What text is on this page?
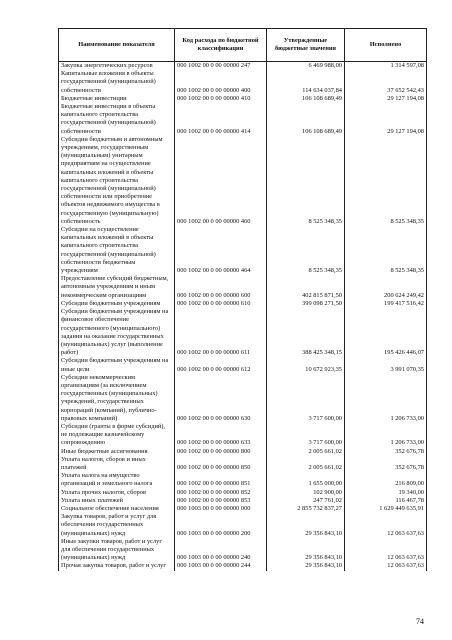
Наименование показателя	Код расхода по бюджетной классификации	Утвержденные бюджетные значения	Исполнено
Закупка энергетических ресурсов	000 1002 00 0 00 00000 247	6 469 988,00	1 314 597,08
Капитальные вложения в объекты государственной (муниципальной) собственности	000 1002 00 0 00 00000 400	114 634 037,84	37 652 542,43
Бюджетные инвестиции	000 1002 00 0 00 00000 410	106 108 689,49	29 127 194,08
Бюджетные инвестиции в объекты капитального строительства государственной (муниципальной) собственности	000 1002 00 0 00 00000 414	106 108 689,49	29 127 194,08
Субсидии бюджетным и автономным учреждениям, государственным (муниципальным) унитарным предприятиям на осуществление капитальных вложений в объекты капитального строительства государственной (муниципальной) собственности или приобретение объектов недвижимого имущества в государственную (муниципальную) собственность	000 1002 00 0 00 00000 460	8 525 348,35	8 525 348,35
Субсидии на осуществление капитальных вложений в объекты капитального строительства государственной (муниципальной) собственности бюджетным учреждениям	000 1002 00 0 00 00000 464	8 525 348,35	8 525 348,35
Предоставление субсидий бюджетным, автономным учреждениям и иным некоммерческим организациям	000 1002 00 0 00 00000 600	402 815 871,50	200 624 249,42
Субсидии бюджетным учреждениям	000 1002 00 0 00 00000 610	399 098 271,50	199 417 516,42
Субсидии бюджетным учреждениям на финансовое обеспечение государственного (муниципального) задания на оказание государственных (муниципальных) услуг (выполнение работ)	000 1002 00 0 00 00000 611	388 425 348,15	195 426 446,07
Субсидии бюджетным учреждениям на иные цели	000 1002 00 0 00 00000 612	10 672 923,35	3 991 070,35
Субсидии некоммерческим организациям (за исключением государственных (муниципальных) учреждений, государственных корпораций (компаний), публично-правовых компаний)	000 1002 00 0 00 00000 630	3 717 600,00	1 206 733,00
Субсидии (гранты в форме субсидий), не подлежащие казначейскому сопровождению	000 1002 00 0 00 00000 633	3 717 600,00	1 206 733,00
Иные бюджетные ассигнования	000 1002 00 0 00 00000 800	2 005 661,02	352 676,78
Уплата налогов, сборов и иных платежей	000 1002 00 0 00 00000 850	2 005 661,02	352 676,78
Уплата налога на имущество организаций и земельного налога	000 1002 00 0 00 00000 851	1 655 000,00	216 809,00
Уплата прочих налогов, сборов	000 1002 00 0 00 00000 852	102 900,00	19 340,00
Уплата иных платежей	000 1002 00 0 00 00000 853	247 761,02	116 467,78
Социальное обеспечение населения	000 1003 00 0 00 00000 000	2 855 732 837,27	1 629 449 635,91
Закупка товаров, работ и услуг для обеспечения государственных (муниципальных) нужд	000 1003 00 0 00 00000 200	29 356 843,10	12 063 637,63
Иные закупки товаров, работ и услуг для обеспечения государственных (муниципальных) нужд	000 1003 00 0 00 00000 240	29 356 843,10	12 063 637,63
Прочая закупка товаров, работ и услуг	000 1003 00 0 00 00000 244	29 356 843,10	12 063 637,63
74
